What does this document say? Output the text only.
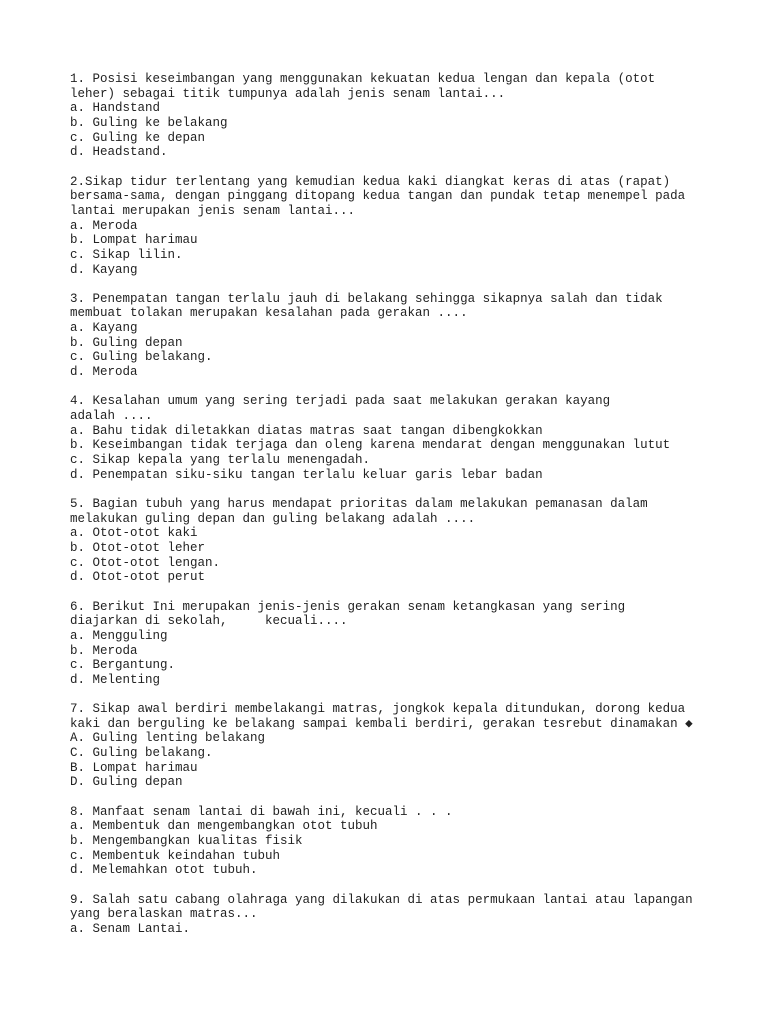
1. Posisi keseimbangan yang menggunakan kekuatan kedua lengan dan kepala (otot
leher) sebagai titik tumpunya adalah jenis senam lantai...
a. Handstand
b. Guling ke belakang
c. Guling ke depan
d. Headstand.
2.Sikap tidur terlentang yang kemudian kedua kaki diangkat keras di atas (rapat)
bersama-sama, dengan pinggang ditopang kedua tangan dan pundak tetap menempel pada
lantai merupakan jenis senam lantai...
a. Meroda
b. Lompat harimau
c. Sikap lilin.
d. Kayang
3. Penempatan tangan terlalu jauh di belakang sehingga sikapnya salah dan tidak
membuat tolakan merupakan kesalahan pada gerakan ....
a. Kayang
b. Guling depan
c. Guling belakang.
d. Meroda
4. Kesalahan umum yang sering terjadi pada saat melakukan gerakan kayang
adalah ....
a. Bahu tidak diletakkan diatas matras saat tangan dibengkokkan
b. Keseimbangan tidak terjaga dan oleng karena mendarat dengan menggunakan lutut
c. Sikap kepala yang terlalu menengadah.
d. Penempatan siku-siku tangan terlalu keluar garis lebar badan
5. Bagian tubuh yang harus mendapat prioritas dalam melakukan pemanasan dalam
melakukan guling depan dan guling belakang adalah ....
a. Otot-otot kaki
b. Otot-otot leher
c. Otot-otot lengan.
d. Otot-otot perut
6. Berikut Ini merupakan jenis-jenis gerakan senam ketangkasan yang sering
diajarkan di sekolah,     kecuali....
a. Mengguling
b. Meroda
c. Bergantung.
d. Melenting
7. Sikap awal berdiri membelakangi matras, jongkok kepala ditundukan, dorong kedua
kaki dan berguling ke belakang sampai kembali berdiri, gerakan tesrebut dinamakan ◆
A. Guling lenting belakang
C. Guling belakang.
B. Lompat harimau
D. Guling depan
8. Manfaat senam lantai di bawah ini, kecuali . . .
a. Membentuk dan mengembangkan otot tubuh
b. Mengembangkan kualitas fisik
c. Membentuk keindahan tubuh
d. Melemahkan otot tubuh.
9. Salah satu cabang olahraga yang dilakukan di atas permukaan lantai atau lapangan
yang beralaskan matras...
a. Senam Lantai.
